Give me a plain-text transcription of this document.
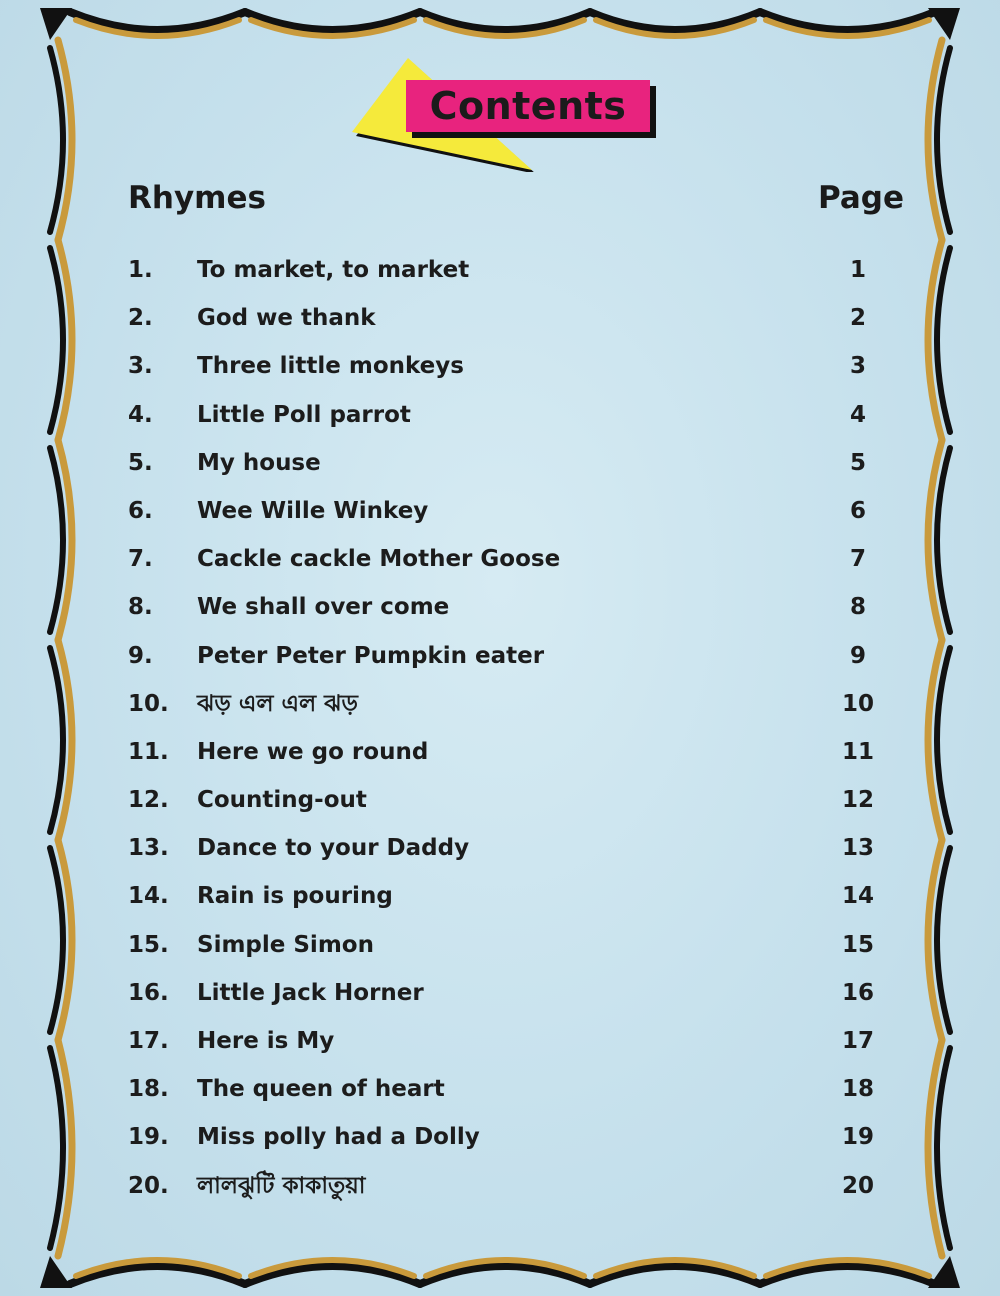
Contents
Rhymes	Page
1. To market, to market	1
2. God we thank	2
3. Three little monkeys	3
4. Little Poll parrot	4
5. My house	5
6. Wee Wille Winkey	6
7. Cackle cackle Mother Goose	7
8. We shall over come	8
9. Peter Peter Pumpkin eater	9
10. ঝড় এল এল ঝড়	10
11. Here we go round	11
12. Counting-out	12
13. Dance to your Daddy	13
14. Rain is pouring	14
15. Simple Simon	15
16. Little Jack Horner	16
17. Here is My	17
18. The queen of heart	18
19. Miss polly had a Dolly	19
20. লালঝুটি কাকাতুয়া	20
